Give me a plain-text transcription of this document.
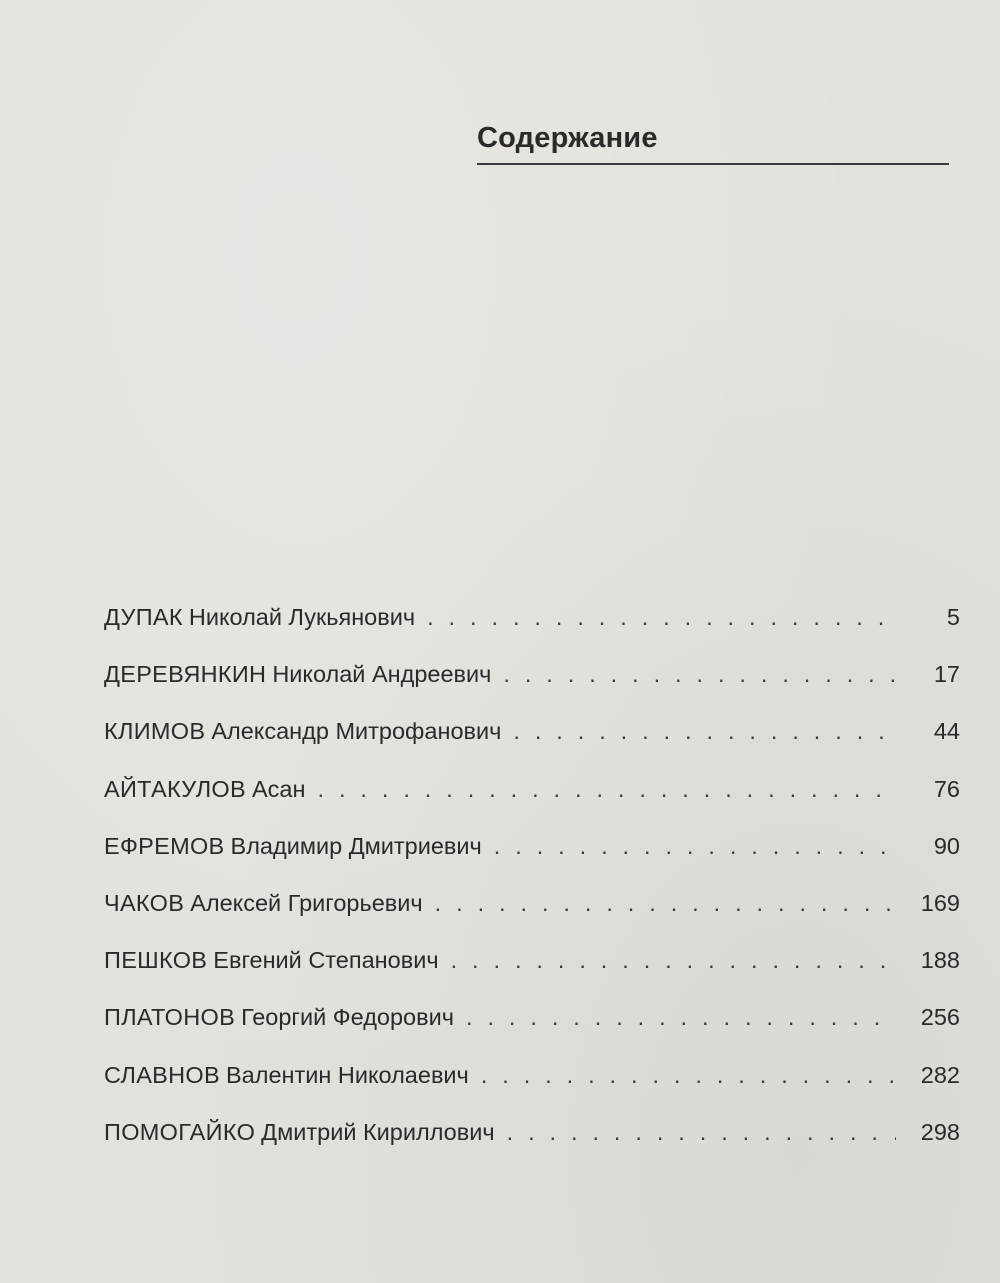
Содержание
ДУПАК Николай Лукьянович . . .	5
ДЕРЕВЯНКИН Николай Андреевич . . .	17
КЛИМОВ Александр Митрофанович . . .	44
АЙТАКУЛОВ Асан . . .	76
ЕФРЕМОВ Владимир Дмитриевич . . .	90
ЧАКОВ Алексей Григорьевич . . .	169
ПЕШКОВ Евгений Степанович . . .	188
ПЛАТОНОВ Георгий Федорович . . .	256
СЛАВНОВ Валентин Николаевич . . .	282
ПОМОГАЙКО Дмитрий Кириллович . . .	298
